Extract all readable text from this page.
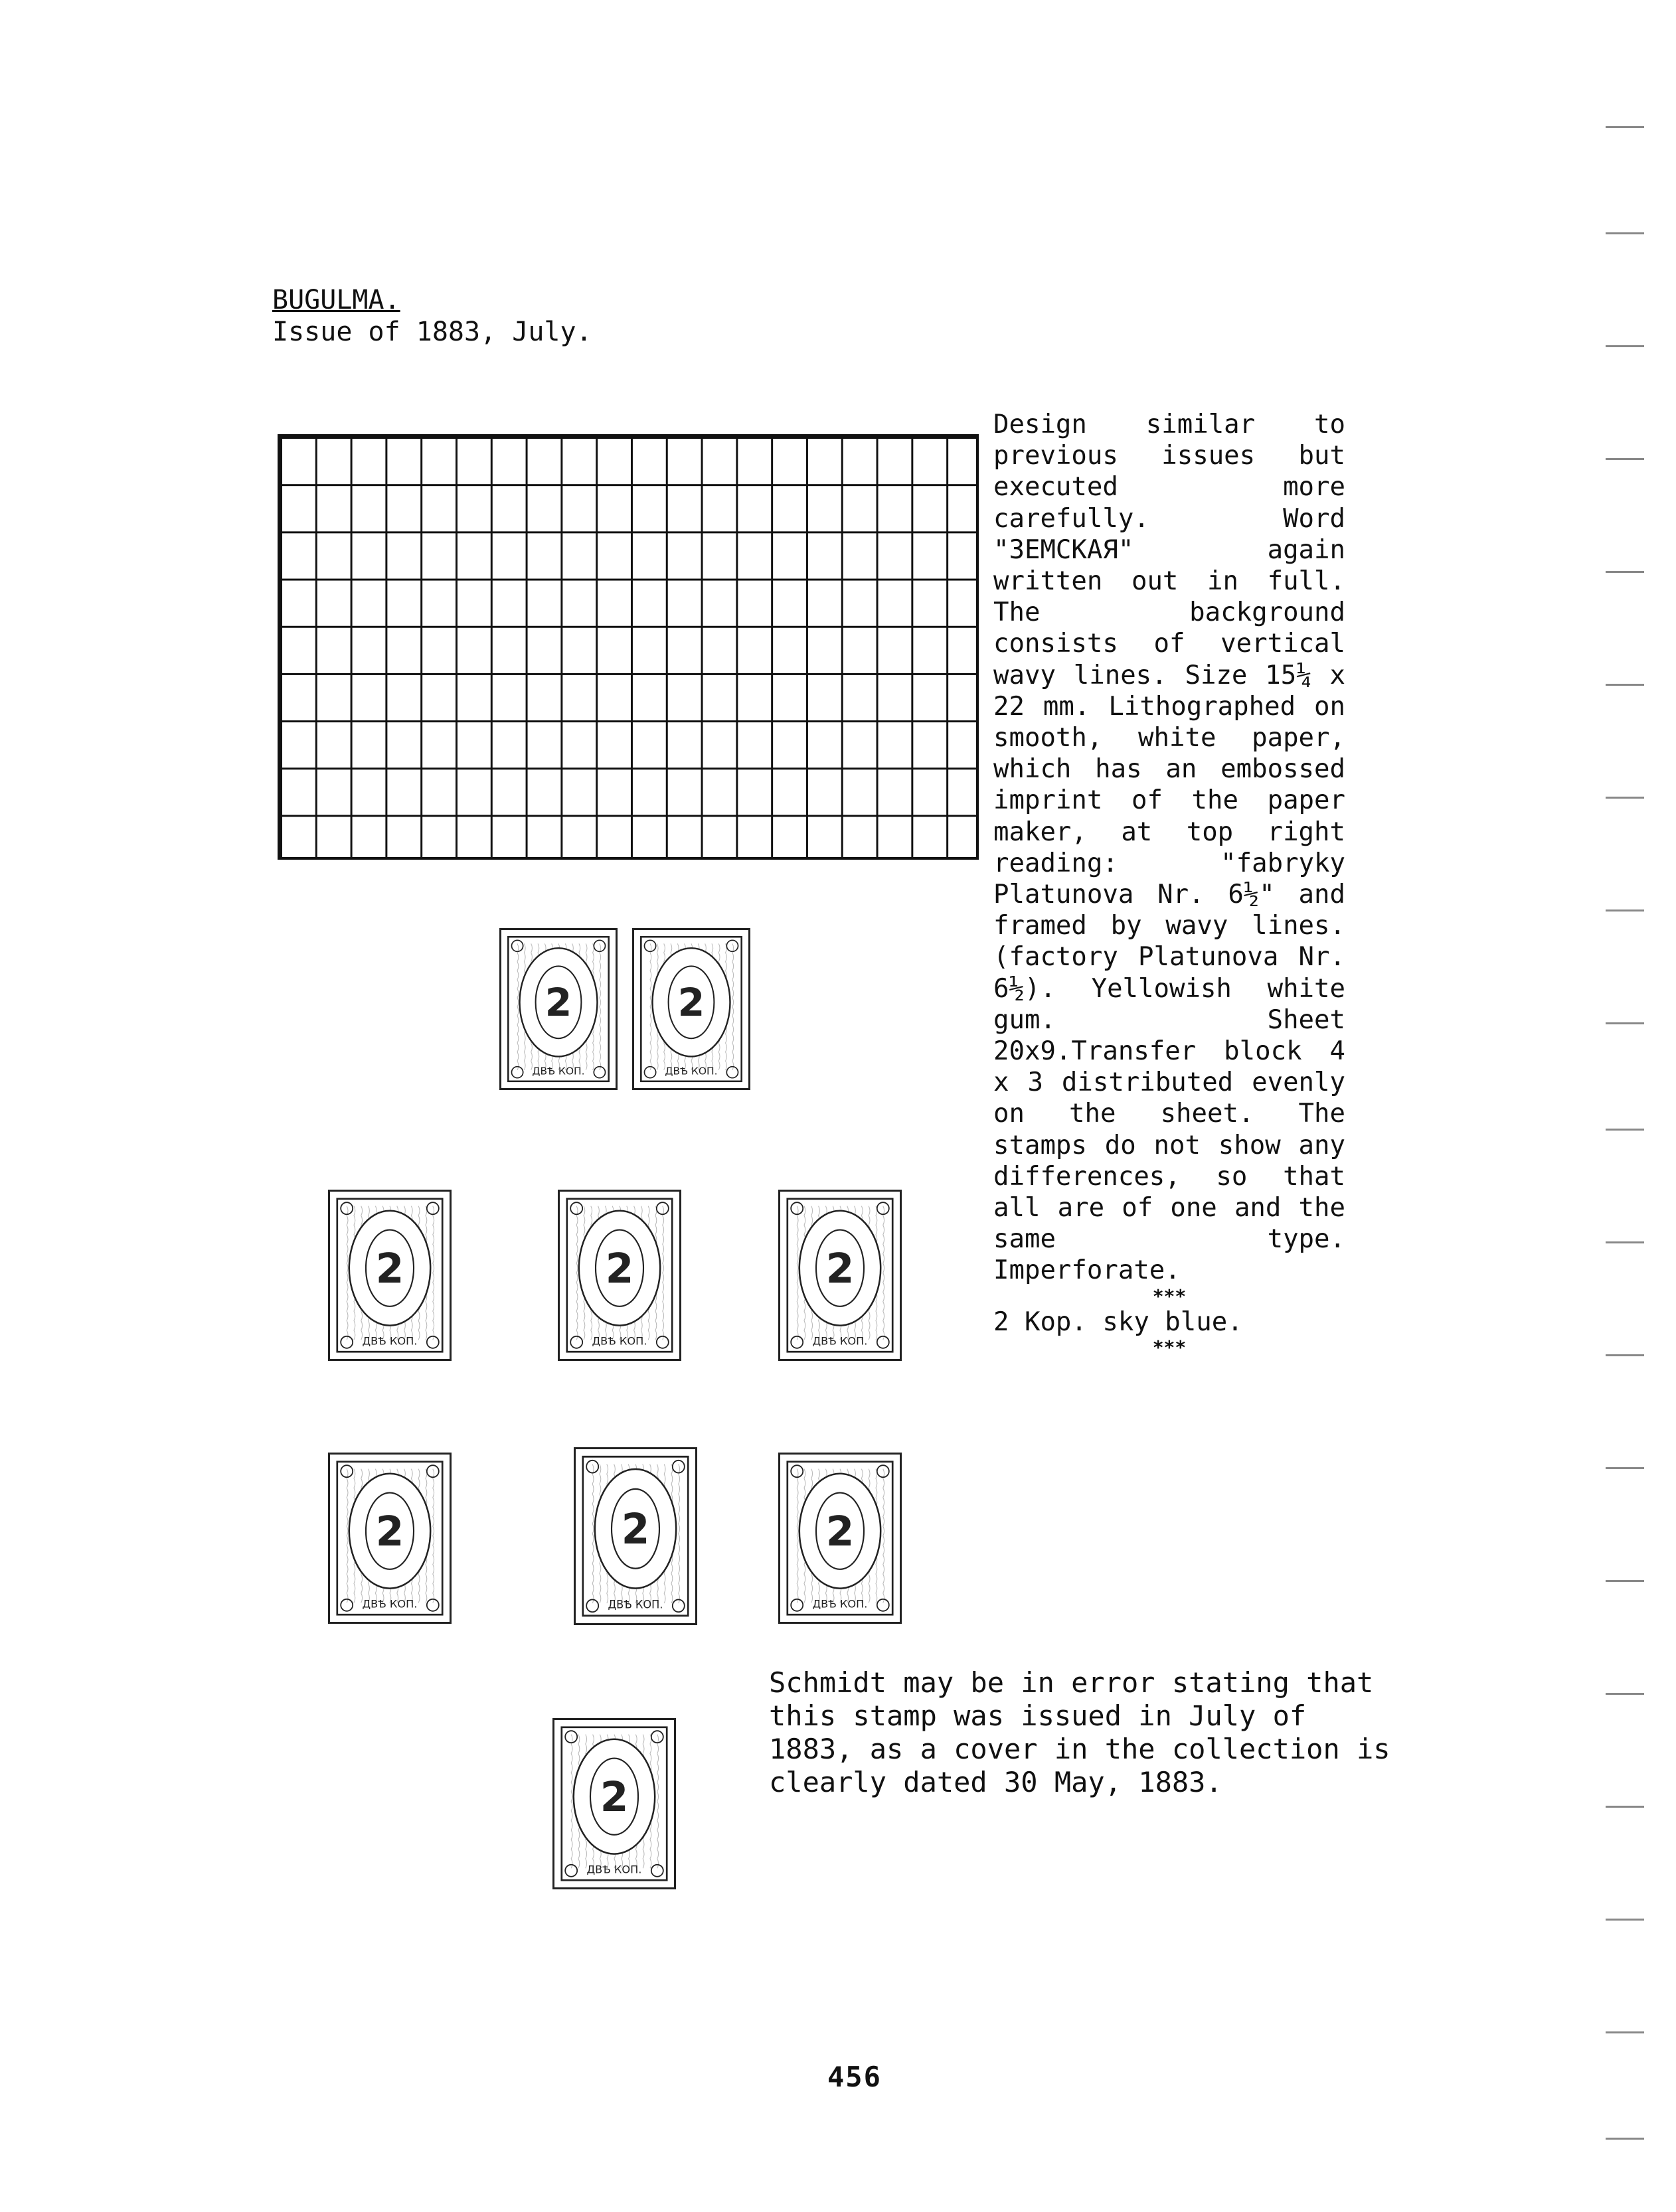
BUGULMA.
Issue of 1883, July.

Design similar to previous issues but executed more carefully. Word "ЗЕМСКАЯ" again written out in full. The background consists of vertical wavy lines. Size 15¼ x 22 mm. Lithographed on smooth, white paper, which has an embossed imprint of the paper maker, at top right reading: "fabryky Platunova Nr. 6½" and framed by wavy lines. (factory Platunova Nr. 6½). Yellowish white gum. Sheet 20x9.Transfer block 4 x 3 distributed evenly on the sheet. The stamps do not show any differences, so that all are of one and the same type. Imperforate.

***

2 Kop. sky blue.

***

2
ДВѢ КОП.
2
ДВѢ КОП.
2
ДВѢ КОП.
2
ДВѢ КОП.
2
ДВѢ КОП.
2
ДВѢ КОП.
2
ДВѢ КОП.
2
ДВѢ КОП.
2
ДВѢ КОП.
Schmidt may be in error stating that this stamp was issued in July of 1883, as a cover in the collection is clearly dated 30 May, 1883.
456
